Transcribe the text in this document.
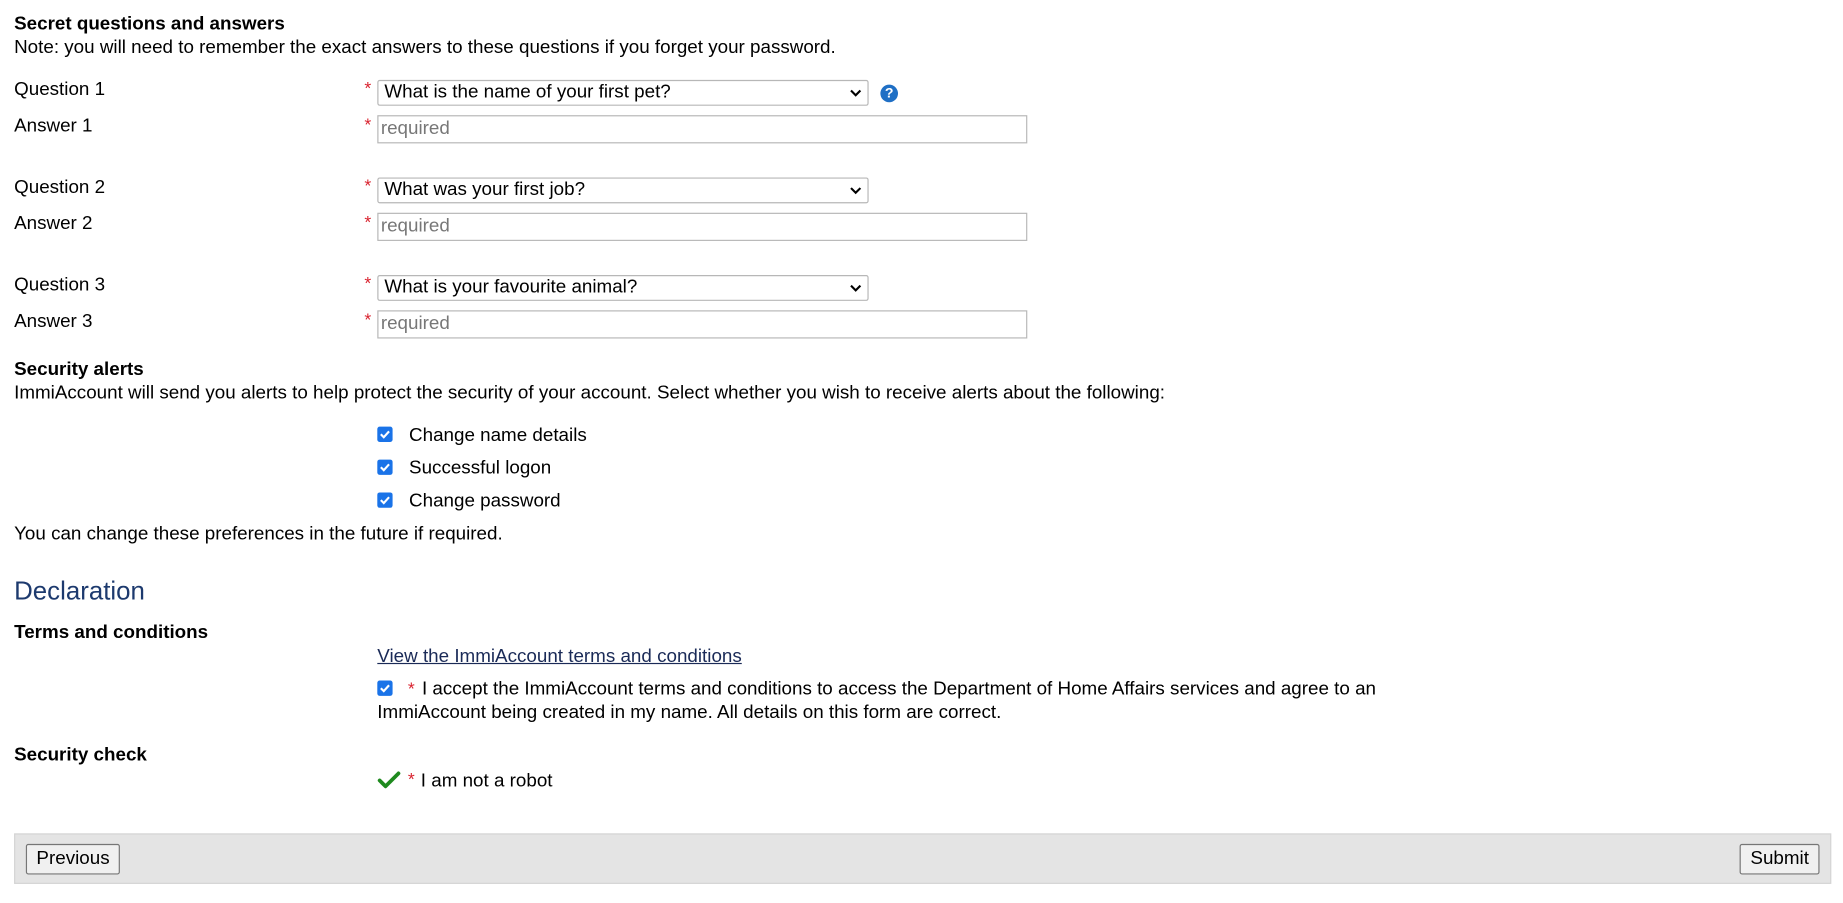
Secret questions and answers
Note: you will need to remember the exact answers to these questions if you forget your password.
Question 1	* What is the name of your first pet?	?
Answer 1	* required
Question 2	* What was your first job?
Answer 2	* required
Question 3	* What is your favourite animal?
Answer 3	* required
Security alerts
ImmiAccount will send you alerts to help protect the security of your account. Select whether you wish to receive alerts about the following:
Change name details
Successful logon
Change password
You can change these preferences in the future if required.
Declaration
Terms and conditions
View the ImmiAccount terms and conditions
* I accept the ImmiAccount terms and conditions to access the Department of Home Affairs services and agree to an
ImmiAccount being created in my name. All details on this form are correct.
Security check
* I am not a robot
Previous	Submit
